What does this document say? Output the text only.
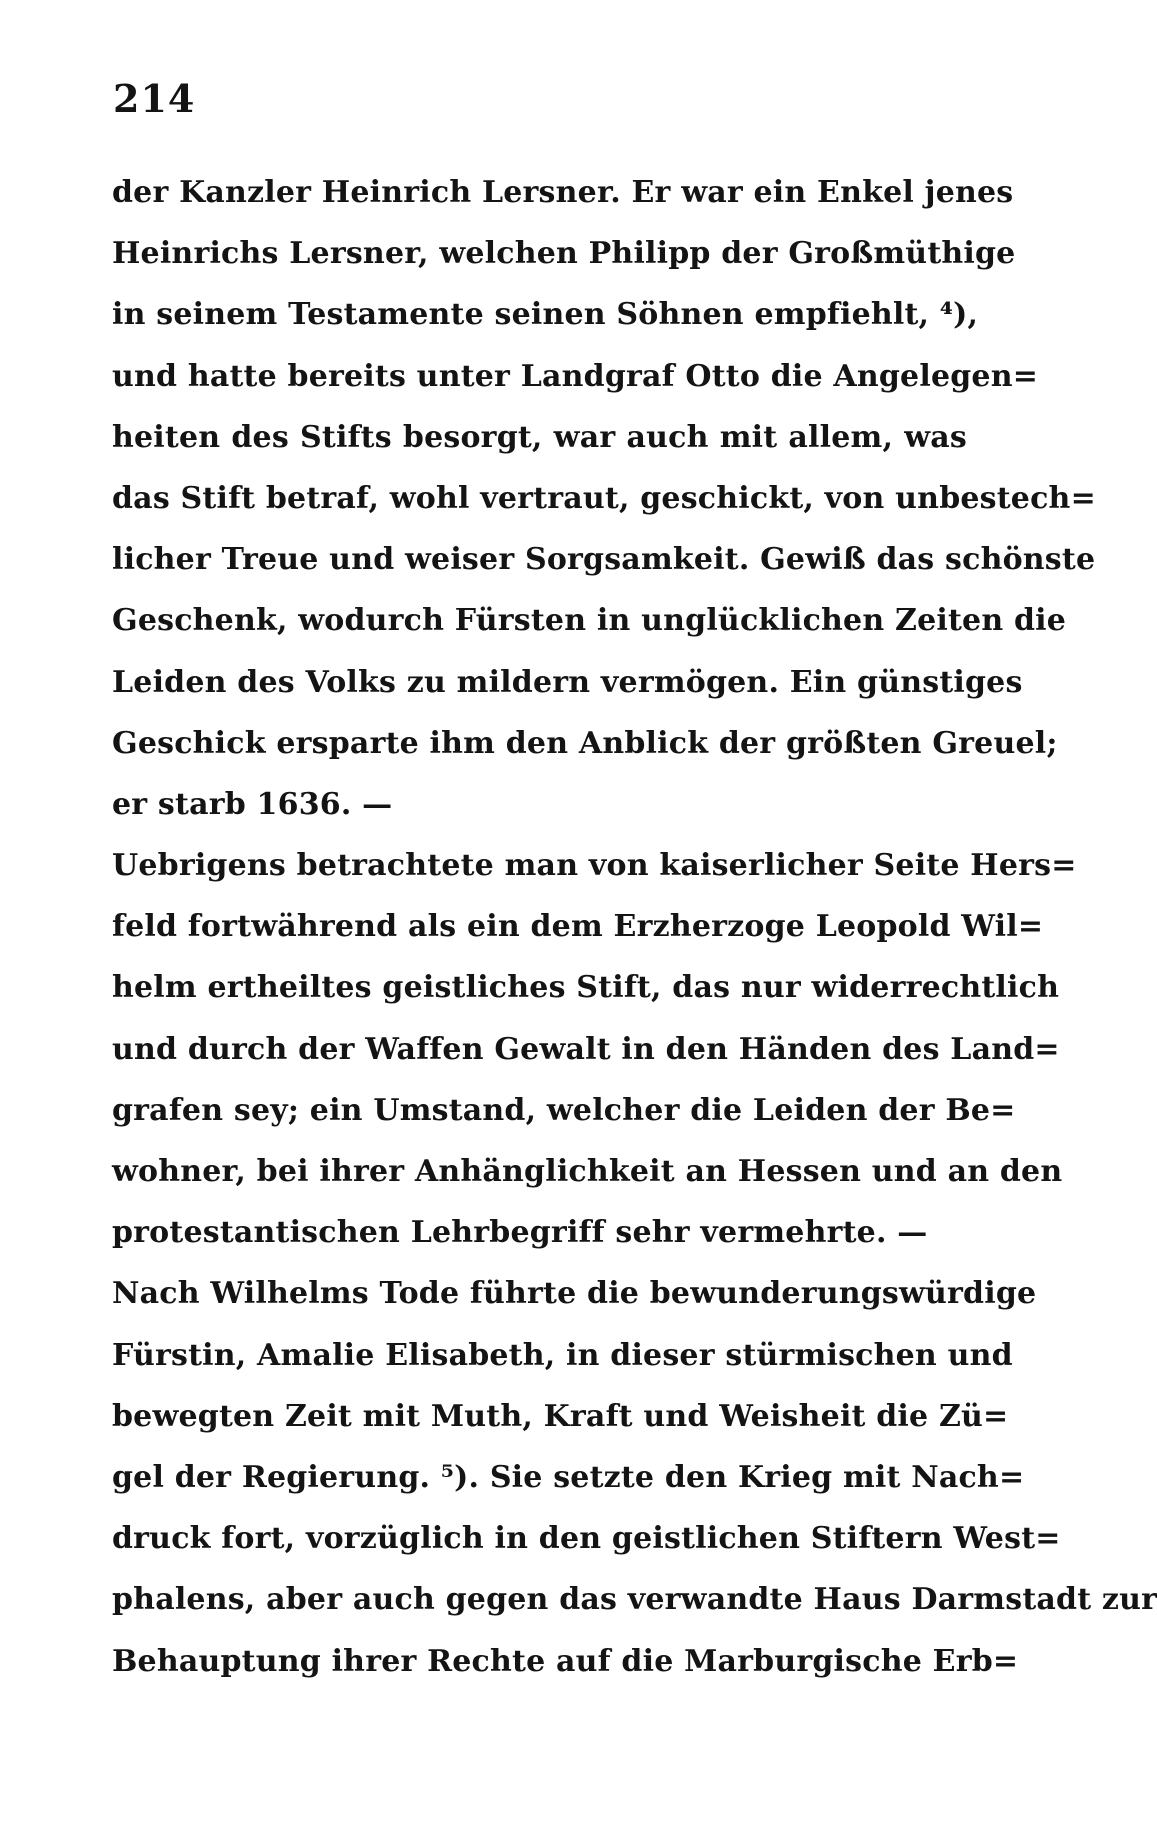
214
der Kanzler Heinrich Lersner. Er war ein Enkel jenes
Heinrichs Lersner, welchen Philipp der Großmüthige
in seinem Testamente seinen Söhnen empfiehlt, ⁴),
und hatte bereits unter Landgraf Otto die Angelegen=
heiten des Stifts besorgt, war auch mit allem, was
das Stift betraf, wohl vertraut, geschickt, von unbestech=
licher Treue und weiser Sorgsamkeit. Gewiß das schönste
Geschenk, wodurch Fürsten in unglücklichen Zeiten die
Leiden des Volks zu mildern vermögen. Ein günstiges
Geschick ersparte ihm den Anblick der größten Greuel;
er starb 1636. —
Uebrigens betrachtete man von kaiserlicher Seite Hers=
feld fortwährend als ein dem Erzherzoge Leopold Wil=
helm ertheiltes geistliches Stift, das nur widerrechtlich
und durch der Waffen Gewalt in den Händen des Land=
grafen sey; ein Umstand, welcher die Leiden der Be=
wohner, bei ihrer Anhänglichkeit an Hessen und an den
protestantischen Lehrbegriff sehr vermehrte. —
Nach Wilhelms Tode führte die bewunderungswürdige
Fürstin, Amalie Elisabeth, in dieser stürmischen und
bewegten Zeit mit Muth, Kraft und Weisheit die Zü=
gel der Regierung. ⁵). Sie setzte den Krieg mit Nach=
druck fort, vorzüglich in den geistlichen Stiftern West=
phalens, aber auch gegen das verwandte Haus Darmstadt zur
Behauptung ihrer Rechte auf die Marburgische Erb=
